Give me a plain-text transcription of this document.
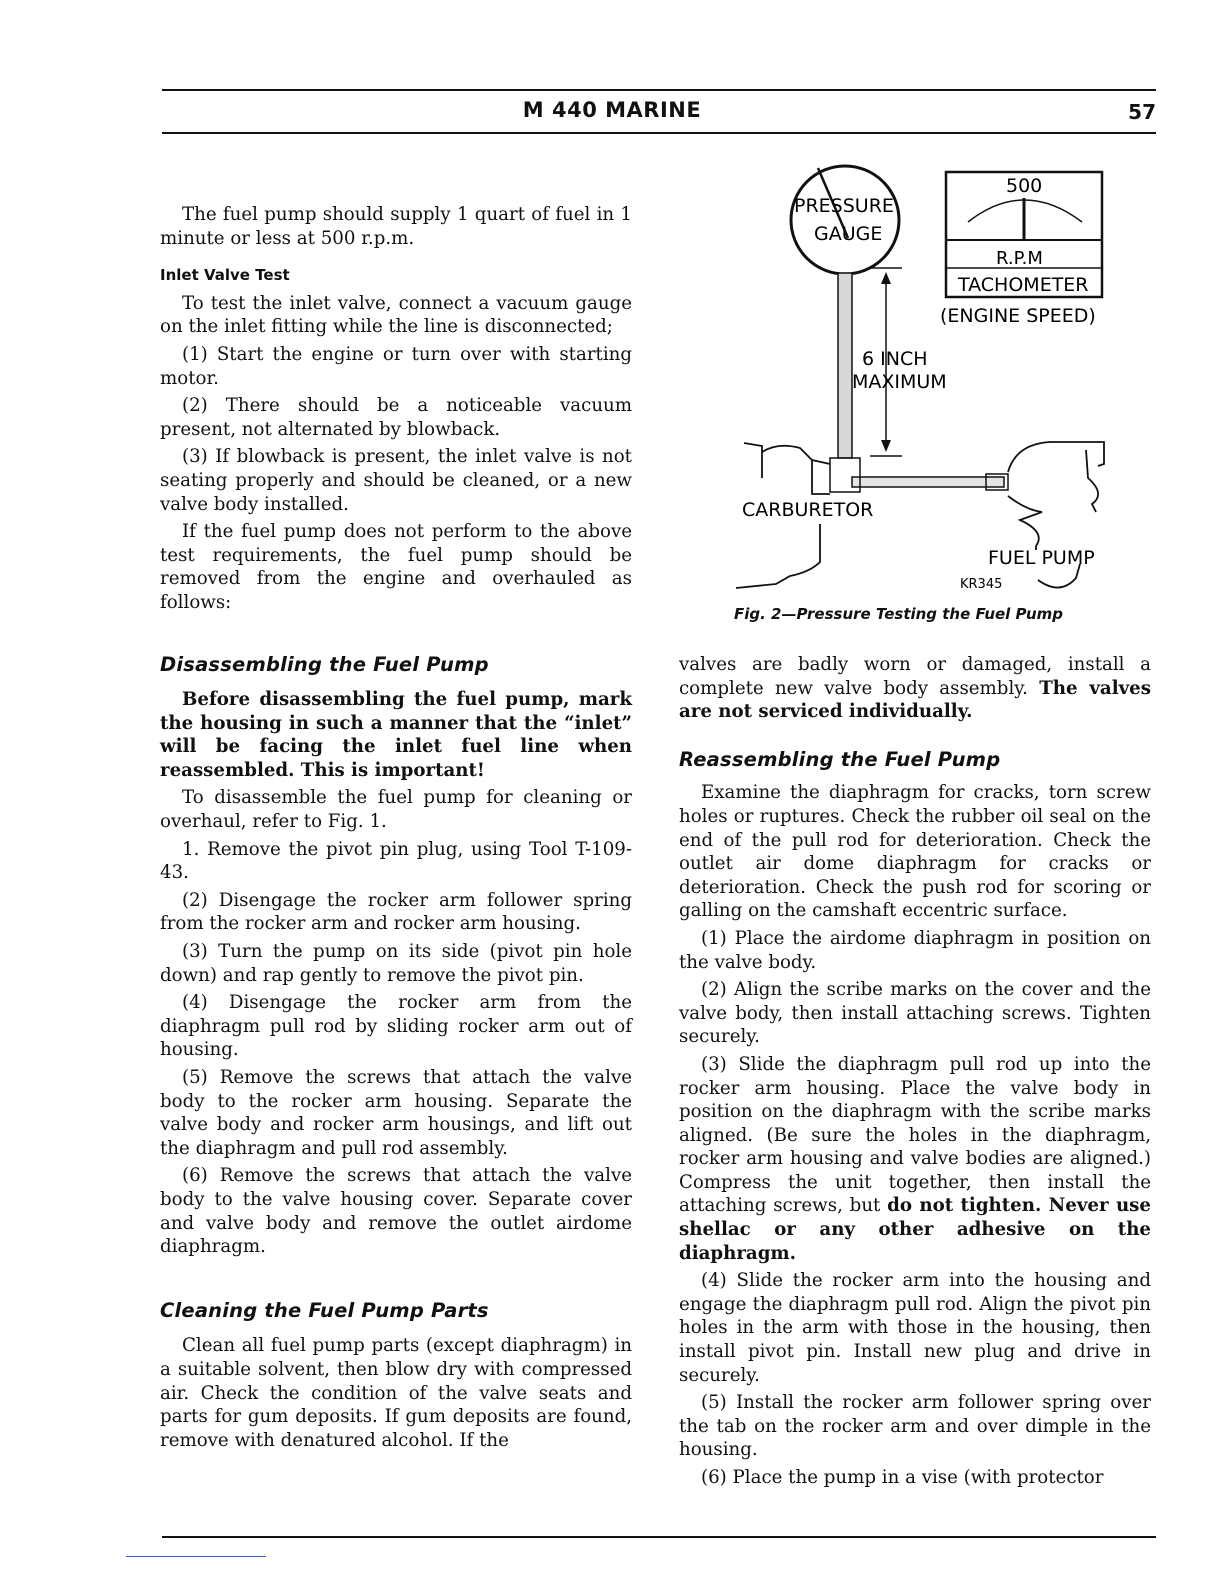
M 440 MARINE	57

The fuel pump should supply 1 quart of fuel in 1 minute or less at 500 r.p.m.

Inlet Valve Test

To test the inlet valve, connect a vacuum gauge on the inlet fitting while the line is disconnected;

(1) Start the engine or turn over with starting motor.

(2) There should be a noticeable vacuum present, not alternated by blowback.

(3) If blowback is present, the inlet valve is not seating properly and should be cleaned, or a new valve body installed.

If the fuel pump does not perform to the above test requirements, the fuel pump should be removed from the engine and overhauled as follows:

Disassembling the Fuel Pump

Before disassembling the fuel pump, mark the housing in such a manner that the “inlet” will be facing the inlet fuel line when reassembled. This is important!

To disassemble the fuel pump for cleaning or overhaul, refer to Fig. 1.

1. Remove the pivot pin plug, using Tool T-109-43.

(2) Disengage the rocker arm follower spring from the rocker arm and rocker arm housing.

(3) Turn the pump on its side (pivot pin hole down) and rap gently to remove the pivot pin.

(4) Disengage the rocker arm from the diaphragm pull rod by sliding rocker arm out of housing.

(5) Remove the screws that attach the valve body to the rocker arm housing. Separate the valve body and rocker arm housings, and lift out the diaphragm and pull rod assembly.

(6) Remove the screws that attach the valve body to the valve housing cover. Separate cover and valve body and remove the outlet airdome diaphragm.

Cleaning the Fuel Pump Parts

Clean all fuel pump parts (except diaphragm) in a suitable solvent, then blow dry with compressed air. Check the condition of the valve seats and parts for gum deposits. If gum deposits are found, remove with denatured alcohol. If the

PRESSURE
GAUGE
500
R.P.M
TACHOMETER
(ENGINE SPEED)
6 INCH
MAXIMUM
CARBURETOR
FUEL PUMP
KR345
Fig. 2—Pressure Testing the Fuel Pump

valves are badly worn or damaged, install a complete new valve body assembly. The valves are not serviced individually.

Reassembling the Fuel Pump

Examine the diaphragm for cracks, torn screw holes or ruptures. Check the rubber oil seal on the end of the pull rod for deterioration. Check the outlet air dome diaphragm for cracks or deterioration. Check the push rod for scoring or galling on the camshaft eccentric surface.

(1) Place the airdome diaphragm in position on the valve body.

(2) Align the scribe marks on the cover and the valve body, then install attaching screws. Tighten securely.

(3) Slide the diaphragm pull rod up into the rocker arm housing. Place the valve body in position on the diaphragm with the scribe marks aligned. (Be sure the holes in the diaphragm, rocker arm housing and valve bodies are aligned.) Compress the unit together, then install the attaching screws, but do not tighten. Never use shellac or any other adhesive on the diaphragm.

(4) Slide the rocker arm into the housing and engage the diaphragm pull rod. Align the pivot pin holes in the arm with those in the housing, then install pivot pin. Install new plug and drive in securely.

(5) Install the rocker arm follower spring over the tab on the rocker arm and over dimple in the housing.

(6) Place the pump in a vise (with protector
